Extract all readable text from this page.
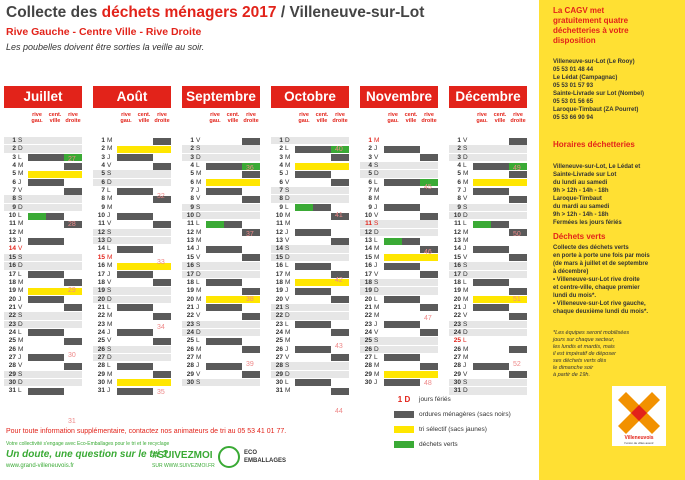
Collecte des déchets ménagers 2017 / Villeneuve-sur-Lot
Rive Gauche - Centre Ville - Rive Droite
Les poubelles doivent être sorties la veille au soir.
Juillet
rive gau.
cent. ville
rive droite
1 S
2 D
3 L
4 M
5 M
6 J
7 V
8 S
9 D
10 L
11 M
12 M
13 J
14 V
15 S
16 D
17 L
18 M
19 M
20 J
21 V
22 S
23 D
24 L
25 M
26 M
27 J
28 V
29 S
30 D
31 L
27
28
29
30
31
Août
rive gau.
cent. ville
rive droite
1 M
2 M
3 J
4 V
5 S
6 D
7 L
8 M
9 M
10 J
11 V
12 S
13 D
14 L
15 M
16 M
17 J
18 V
19 S
20 D
21 L
22 M
23 M
24 J
25 V
26 S
27 D
28 L
29 M
30 M
31 J
32
33
34
35
Septembre
rive gau.
cent. ville
rive droite
1 V
2 S
3 D
4 L
5 M
6 M
7 J
8 V
9 S
10 D
11 L
12 M
13 M
14 J
15 V
16 S
17 D
18 L
19 M
20 M
21 J
22 V
23 S
24 D
25 L
26 M
27 M
28 J
29 V
30 S
36
37
38
39
Octobre
rive gau.
cent. ville
rive droite
1 D
2 L
3 M
4 M
5 J
6 V
7 S
8 D
9 L
10 M
11 M
12 J
13 V
14 S
15 D
16 L
17 M
18 M
19 J
20 V
21 S
22 D
23 L
24 M
25 M
26 J
27 V
28 S
29 D
30 L
31 M
40
41
42
43
44
Novembre
rive gau.
cent. ville
rive droite
1 M
2 J
3 V
4 S
5 D
6 L
7 M
8 M
9 J
10 V
11 S
12 D
13 L
14 M
15 M
16 J
17 V
18 S
19 D
20 L
21 M
22 M
23 J
24 V
25 S
26 D
27 L
28 M
29 M
30 J
45
46
47
48
Décembre
rive gau.
cent. ville
rive droite
1 V
2 S
3 D
4 L
5 M
6 M
7 J
8 V
9 S
10 D
11 L
12 M
13 M
14 J
15 V
16 S
17 D
18 L
19 M
20 M
21 J
22 V
23 S
24 D
25 L
26 M
27 M
28 J
29 V
30 S
31 D
49
50
51
52
Pour toute information supplémentaire, contactez nos animateurs de tri au 05 53 41 01 77.
Votre collectivité s'engage avec Eco-Emballages pour le tri et le recyclage
Un doute, une question sur le tri ?
www.grand-villeneuvois.fr
#SUIVEZMOI
SUR WWW.SUIVEZMOI.FR
ECO
EMBALLAGES
1 D	jours fériés
ordures ménagères (sacs noirs)
tri sélectif (sacs jaunes)
déchets verts
La CAGV met gratuitement quatre déchetteries à votre disposition
Villeneuve-sur-Lot (Le Rooy)
05 53 01 48 44
Le Lédat (Campagnac)
05 53 01 57 93
Sainte-Livrade sur Lot (Nombel)
05 53 01 56 65
Laroque-Timbaut (ZA Pourret)
05 53 66 90 94
Horaires déchetteries
Villeneuve-sur-Lot, Le Lédat et
Sainte-Livrade sur Lot
du lundi au samedi
9h > 12h - 14h - 18h
Laroque-Timbaut
du mardi au samedi
9h > 12h - 14h - 18h
Fermées les jours fériés
Déchets verts
Collecte des déchets verts
en porte à porte une fois par mois
(de mars à juillet et de septembre
à décembre)
• Villeneuve-sur-Lot rive droite
et centre-ville, chaque premier
lundi du mois*.
• Villeneuve-sur-Lot rive gauche,
chaque deuxième lundi du mois*.
*Les équipes seront mobilisées
jours sur chaque secteur,
les lundis et mardis, mais
il est impératif de déposer
ses déchets verts dès
le dimanche soir
à partir de 19h.
Villeneuvois
l'union de villes avenir
Grand
